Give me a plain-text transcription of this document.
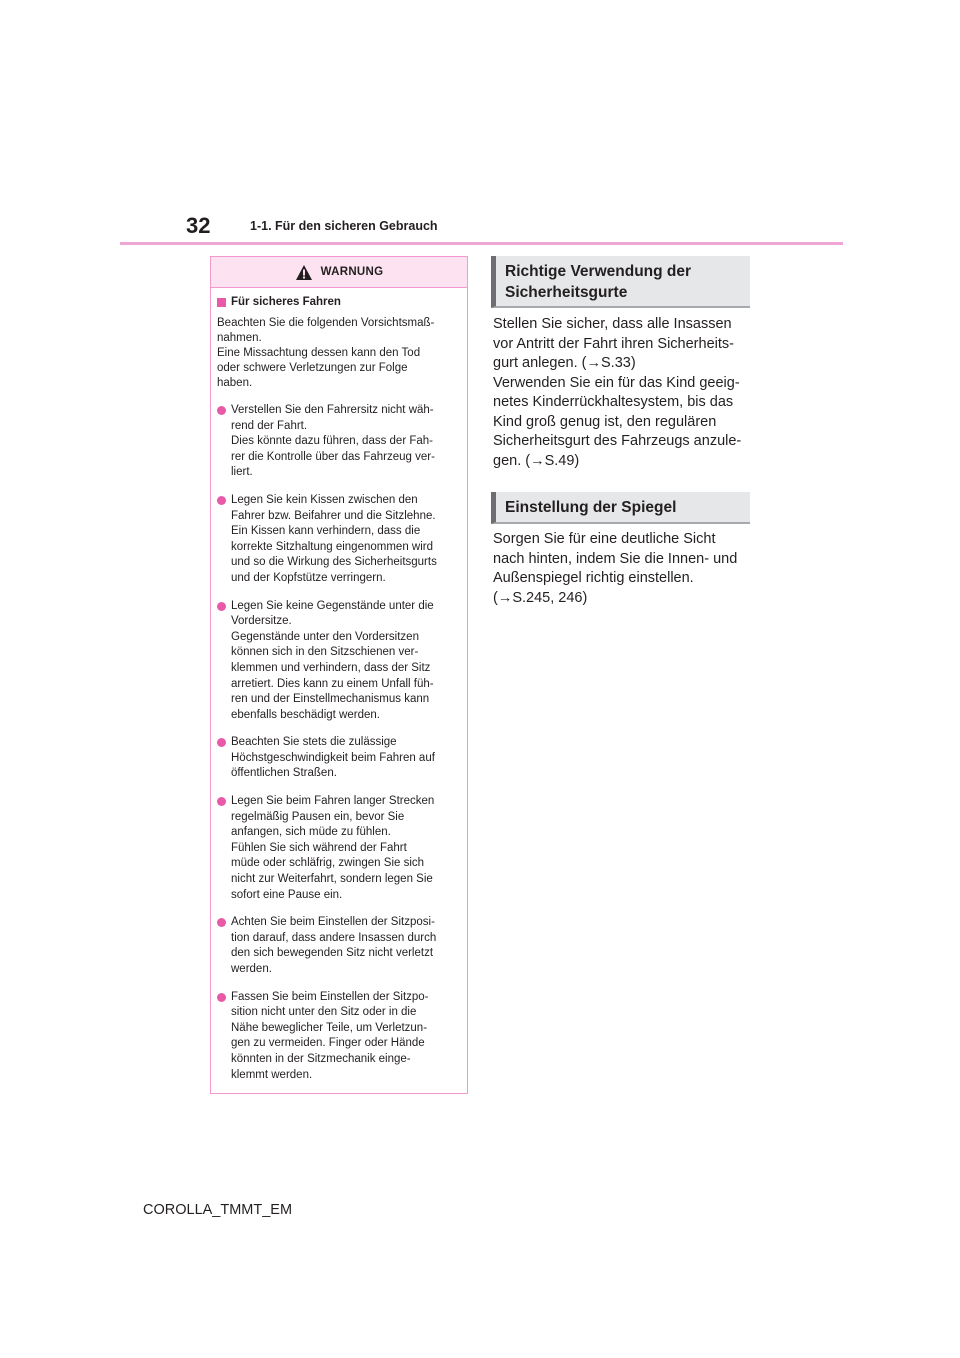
32	1-1. Für den sicheren Gebrauch
WARNUNG
Für sicheres Fahren

Beachten Sie die folgenden Vorsichtsmaß-
nahmen.
Eine Missachtung dessen kann den Tod
oder schwere Verletzungen zur Folge
haben.

Verstellen Sie den Fahrersitz nicht wäh-
rend der Fahrt.
Dies könnte dazu führen, dass der Fah-
rer die Kontrolle über das Fahrzeug ver-
liert.
Legen Sie kein Kissen zwischen den
Fahrer bzw. Beifahrer und die Sitzlehne.
Ein Kissen kann verhindern, dass die
korrekte Sitzhaltung eingenommen wird
und so die Wirkung des Sicherheitsgurts
und der Kopfstütze verringern.
Legen Sie keine Gegenstände unter die
Vordersitze.
Gegenstände unter den Vordersitzen
können sich in den Sitzschienen ver-
klemmen und verhindern, dass der Sitz
arretiert. Dies kann zu einem Unfall füh-
ren und der Einstellmechanismus kann
ebenfalls beschädigt werden.
Beachten Sie stets die zulässige
Höchstgeschwindigkeit beim Fahren auf
öffentlichen Straßen.
Legen Sie beim Fahren langer Strecken
regelmäßig Pausen ein, bevor Sie
anfangen, sich müde zu fühlen.
Fühlen Sie sich während der Fahrt
müde oder schläfrig, zwingen Sie sich
nicht zur Weiterfahrt, sondern legen Sie
sofort eine Pause ein.
Achten Sie beim Einstellen der Sitzposi-
tion darauf, dass andere Insassen durch
den sich bewegenden Sitz nicht verletzt
werden.
Fassen Sie beim Einstellen der Sitzpo-
sition nicht unter den Sitz oder in die
Nähe beweglicher Teile, um Verletzun-
gen zu vermeiden. Finger oder Hände
könnten in der Sitzmechanik einge-
klemmt werden.
Richtige Verwendung der
Sicherheitsgurte
Stellen Sie sicher, dass alle Insassen
vor Antritt der Fahrt ihren Sicherheits-
gurt anlegen. (→S.33)
Verwenden Sie ein für das Kind geeig-
netes Kinderrückhaltesystem, bis das
Kind groß genug ist, den regulären
Sicherheitsgurt des Fahrzeugs anzule-
gen. (→S.49)
Einstellung der Spiegel
Sorgen Sie für eine deutliche Sicht
nach hinten, indem Sie die Innen- und
Außenspiegel richtig einstellen.
(→S.245, 246)
COROLLA_TMMT_EM
